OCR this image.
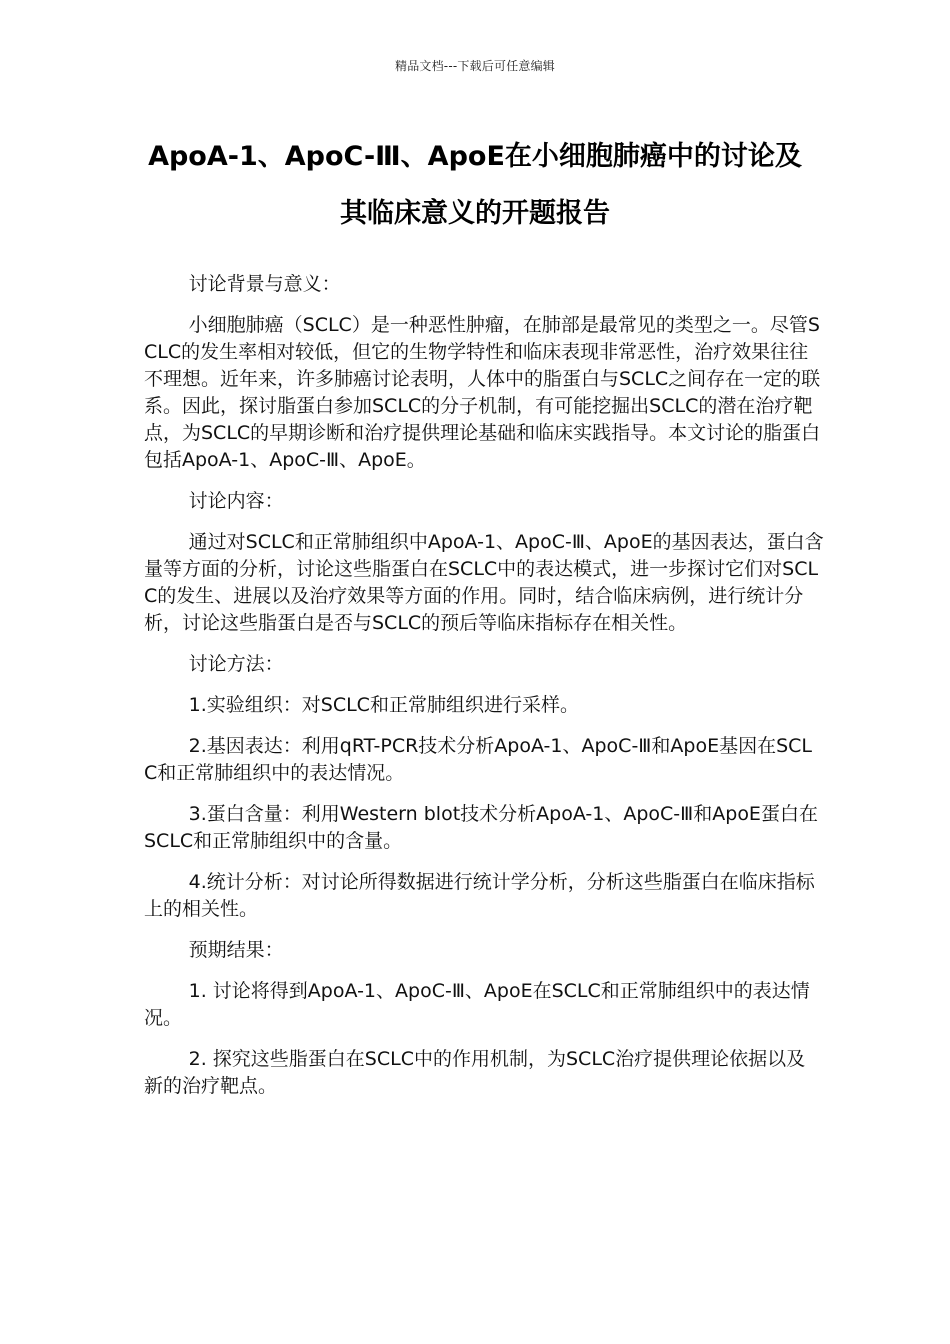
精品文档---下载后可任意编辑
ApoA-1、ApoC-Ⅲ、ApoE在小细胞肺癌中的讨论及
其临床意义的开题报告

讨论背景与意义：

小细胞肺癌（SCLC）是一种恶性肿瘤，在肺部是最常见的类型之一。尽管SCLC的发生率相对较低，但它的生物学特性和临床表现非常恶性，治疗效果往往不理想。近年来，许多肺癌讨论表明，人体中的脂蛋白与SCLC之间存在一定的联系。因此，探讨脂蛋白参加SCLC的分子机制，有可能挖掘出SCLC的潜在治疗靶点，为SCLC的早期诊断和治疗提供理论基础和临床实践指导。本文讨论的脂蛋白包括ApoA-1、ApoC-Ⅲ、ApoE。

讨论内容：

通过对SCLC和正常肺组织中ApoA-1、ApoC-Ⅲ、ApoE的基因表达，蛋白含量等方面的分析，讨论这些脂蛋白在SCLC中的表达模式，进一步探讨它们对SCLC的发生、进展以及治疗效果等方面的作用。同时，结合临床病例，进行统计分析，讨论这些脂蛋白是否与SCLC的预后等临床指标存在相关性。

讨论方法：

1.实验组织：对SCLC和正常肺组织进行采样。

2.基因表达：利用qRT-PCR技术分析ApoA-1、ApoC-Ⅲ和ApoE基因在SCLC和正常肺组织中的表达情况。

3.蛋白含量：利用Western blot技术分析ApoA-1、ApoC-Ⅲ和ApoE蛋白在SCLC和正常肺组织中的含量。

4.统计分析：对讨论所得数据进行统计学分析，分析这些脂蛋白在临床指标上的相关性。

预期结果：

1. 讨论将得到ApoA-1、ApoC-Ⅲ、ApoE在SCLC和正常肺组织中的表达情况。

2. 探究这些脂蛋白在SCLC中的作用机制，为SCLC治疗提供理论依据以及新的治疗靶点。
